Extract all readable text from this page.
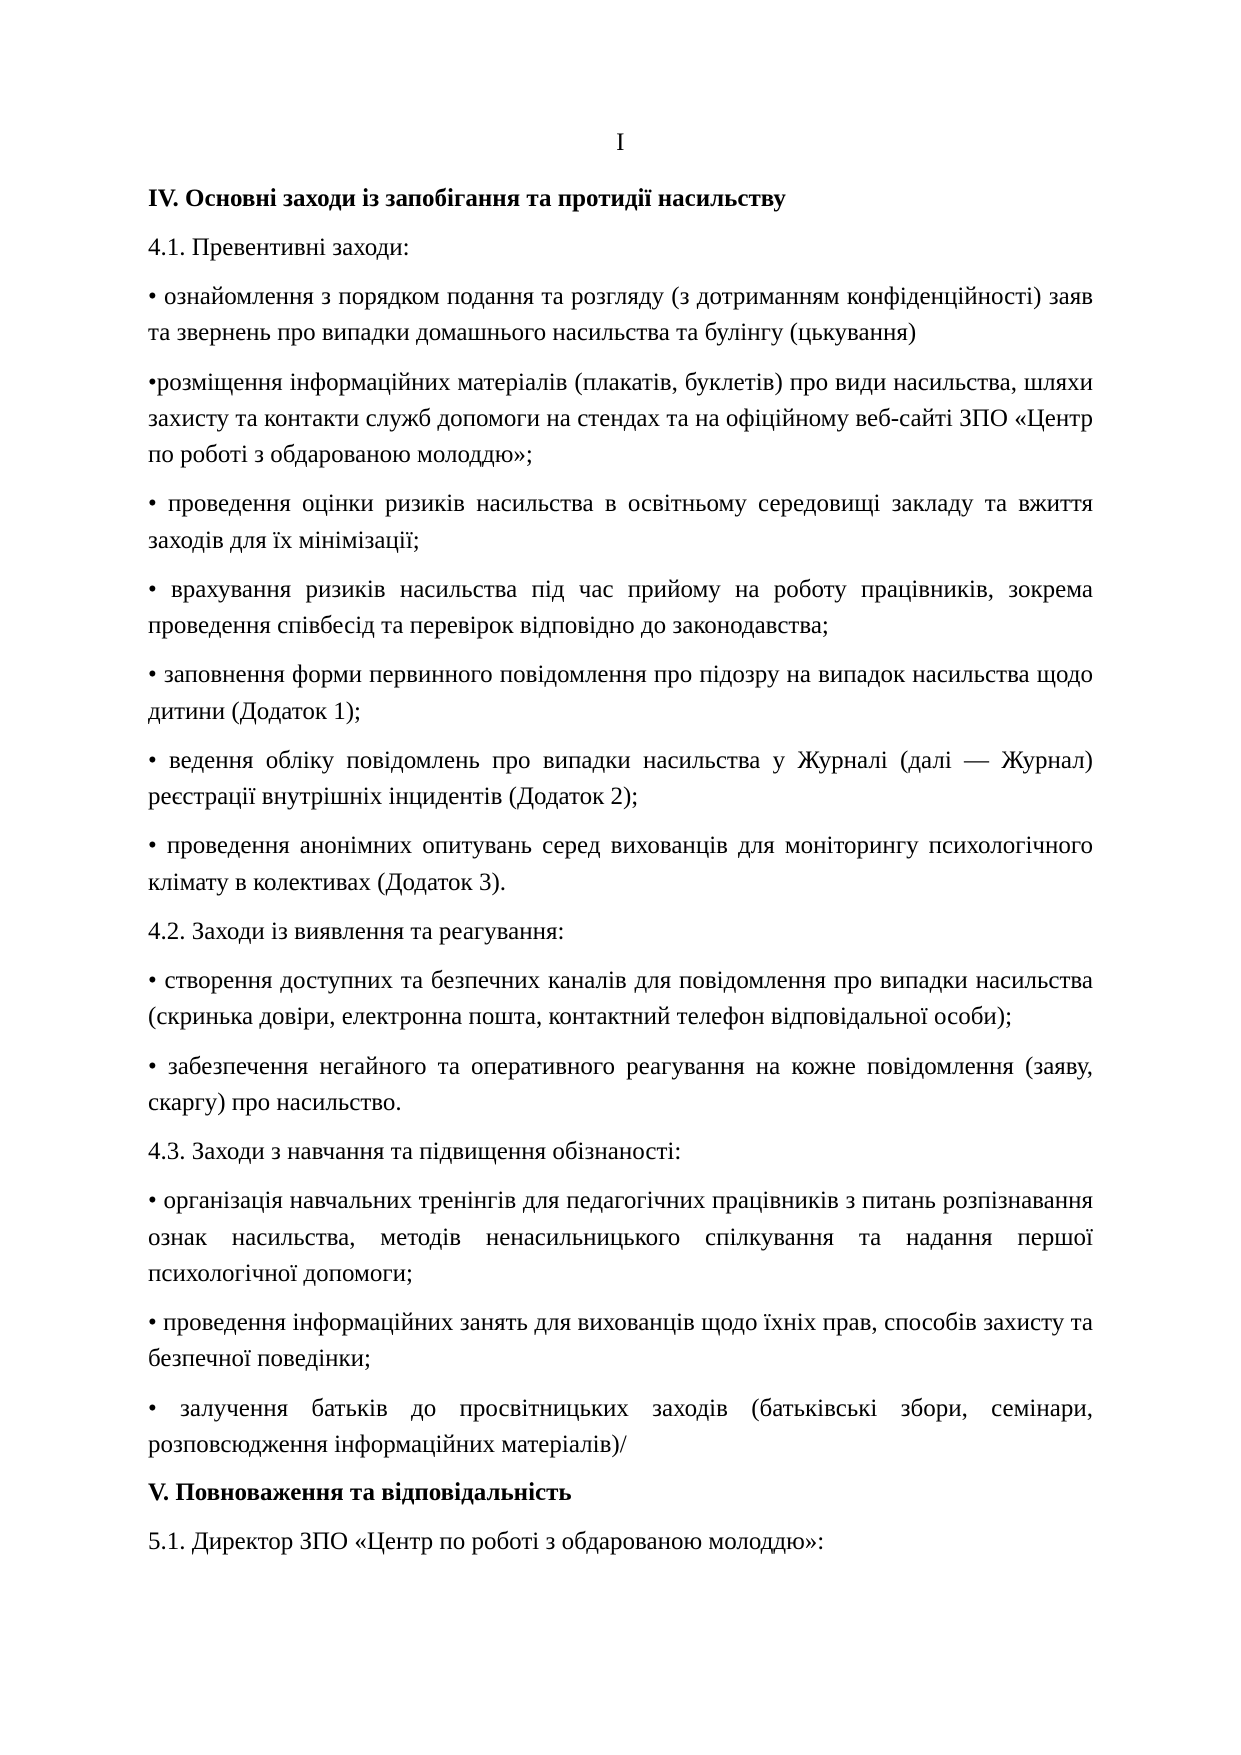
I
IV. Основні заходи із запобігання та протидії насильству

4.1. Превентивні заходи:

• ознайомлення з порядком подання та розгляду (з дотриманням конфіденційності) заяв та звернень про випадки домашнього насильства та булінгу (цькування)

•розміщення інформаційних матеріалів (плакатів, буклетів) про види насильства, шляхи захисту та контакти служб допомоги на стендах та на офіційному веб-сайті ЗПО «Центр по роботі з обдарованою молоддю»;

• проведення оцінки ризиків насильства в освітньому середовищі закладу та вжиття заходів для їх мінімізації;

• врахування ризиків насильства під час прийому на роботу працівників, зокрема проведення співбесід та перевірок відповідно до законодавства;

• заповнення форми первинного повідомлення про підозру на випадок насильства щодо дитини (Додаток 1);

• ведення обліку повідомлень про випадки насильства у Журналі (далі — Журнал) реєстрації внутрішніх інцидентів (Додаток 2);

• проведення анонімних опитувань серед вихованців для моніторингу психологічного клімату в колективах (Додаток 3).

4.2. Заходи із виявлення та реагування:

• створення доступних та безпечних каналів для повідомлення про випадки насильства (скринька довіри, електронна пошта, контактний телефон відповідальної особи);

• забезпечення негайного та оперативного реагування на кожне повідомлення (заяву, скаргу) про насильство.

4.3. Заходи з навчання та підвищення обізнаності:

• організація навчальних тренінгів для педагогічних працівників з питань розпізнавання ознак насильства, методів ненасильницького спілкування та надання першої психологічної допомоги;

• проведення інформаційних занять для вихованців щодо їхніх прав, способів захисту та безпечної поведінки;

• залучення батьків до просвітницьких заходів (батьківські збори, семінари, розповсюдження інформаційних матеріалів)/

V. Повноваження та відповідальність

5.1. Директор ЗПО «Центр по роботі з обдарованою молоддю»:
